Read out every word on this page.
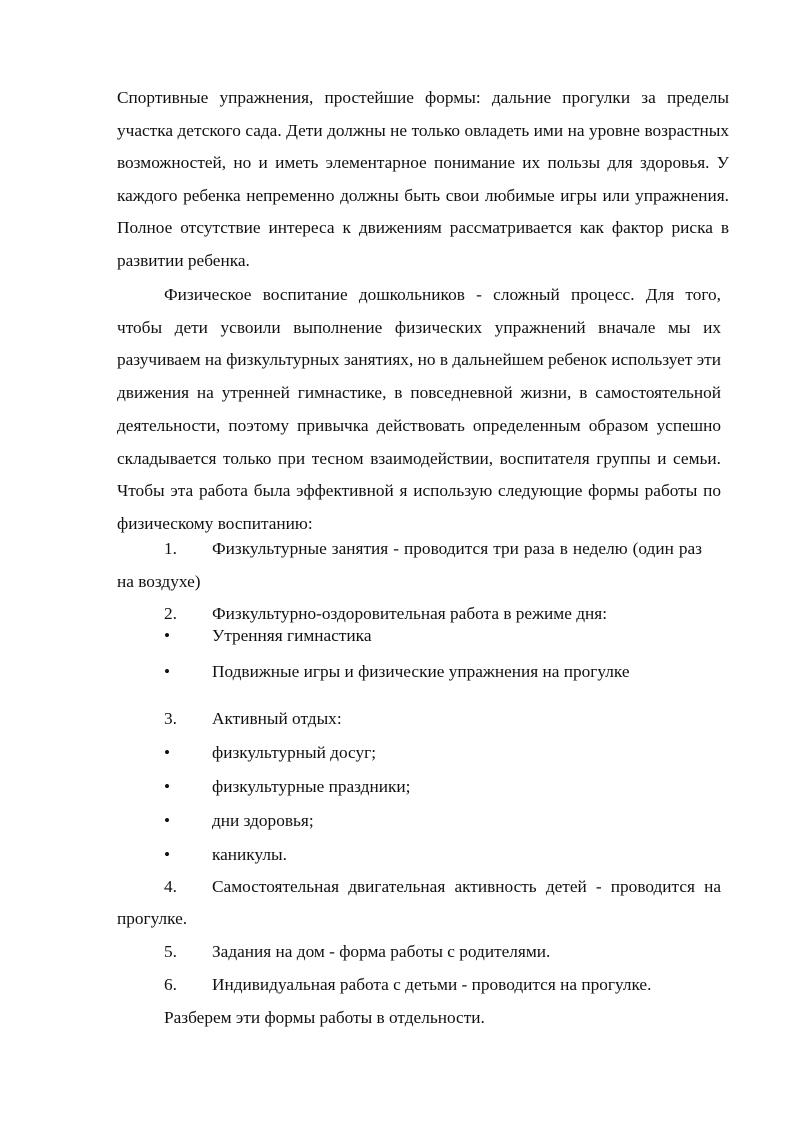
Спортивные упражнения, простейшие формы: дальние прогулки за пределы участка детского сада. Дети должны не только овладеть ими на уровне возрастных возможностей, но и иметь элементарное понимание их пользы для здоровья. У каждого ребенка непременно должны быть свои любимые игры или упражнения. Полное отсутствие интереса к движениям рассматривается как фактор риска в развитии ребенка.

Физическое воспитание дошкольников - сложный процесс. Для того, чтобы дети усвоили выполнение физических упражнений вначале мы их разучиваем на физкультурных занятиях, но в дальнейшем ребенок использует эти движения на утренней гимнастике, в повседневной жизни, в самостоятельной деятельности, поэтому привычка действовать определенным образом успешно складывается только при тесном взаимодействии, воспитателя группы и семьи. Чтобы эта работа была эффективной я использую следующие формы работы по физическому воспитанию:

1. Физкультурные занятия - проводится три раза в неделю (один раз
на воздухе)
2. Физкультурно-оздоровительная работа в режиме дня:
• Утренняя гимнастика
• Подвижные игры и физические упражнения на прогулке
3. Активный отдых:
• физкультурный досуг;
• физкультурные праздники;
• дни здоровья;
• каникулы.
4. Самостоятельная двигательная активность детей - проводится на
прогулке.
5. Задания на дом - форма работы с родителями.
6. Индивидуальная работа с детьми - проводится на прогулке.
Разберем эти формы работы в отдельности.
